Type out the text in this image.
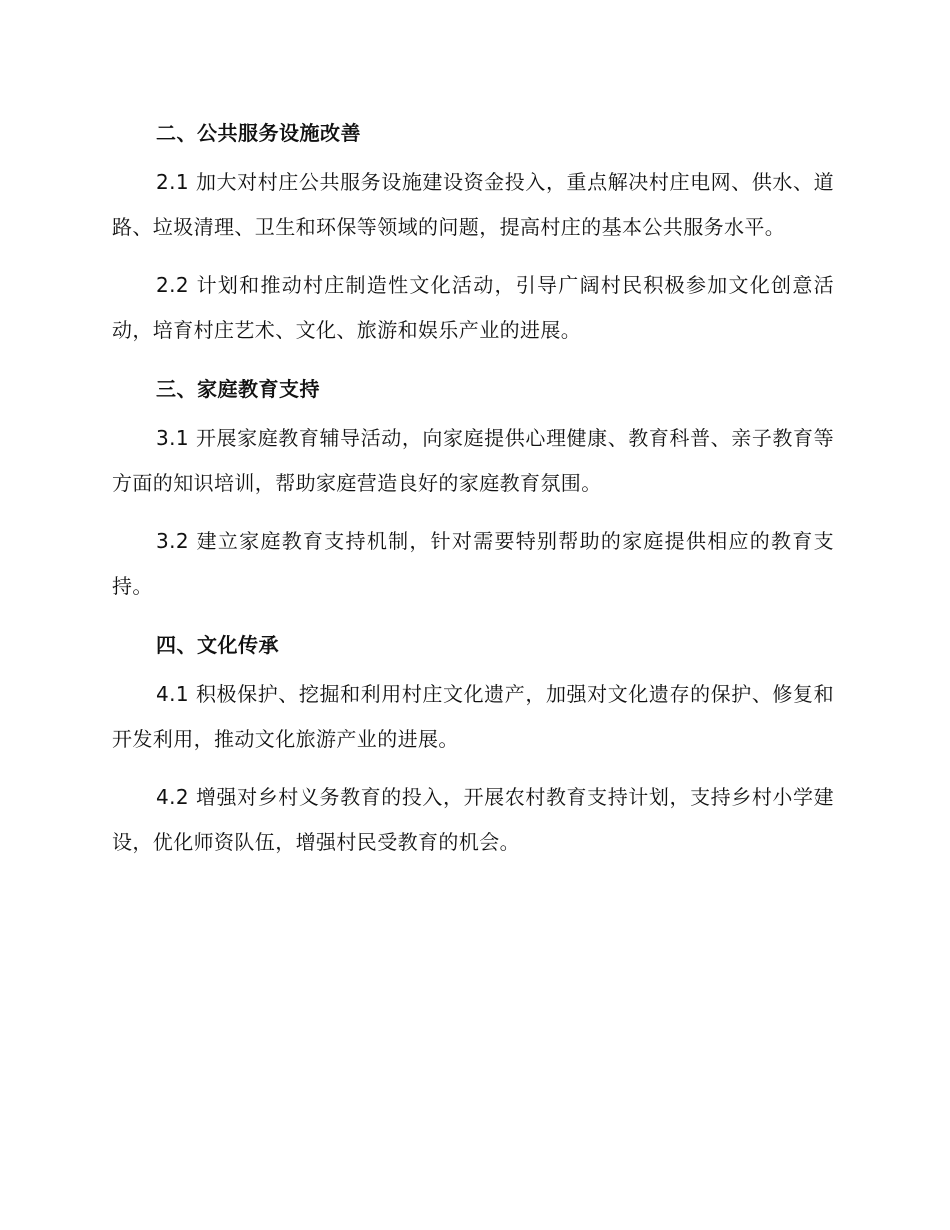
二、公共服务设施改善

2.1 加大对村庄公共服务设施建设资金投入，重点解决村庄电网、供水、道路、垃圾清理、卫生和环保等领域的问题，提高村庄的基本公共服务水平。

2.2 计划和推动村庄制造性文化活动，引导广阔村民积极参加文化创意活动，培育村庄艺术、文化、旅游和娱乐产业的进展。

三、家庭教育支持

3.1 开展家庭教育辅导活动，向家庭提供心理健康、教育科普、亲子教育等方面的知识培训，帮助家庭营造良好的家庭教育氛围。

3.2 建立家庭教育支持机制，针对需要特别帮助的家庭提供相应的教育支持。

四、文化传承

4.1 积极保护、挖掘和利用村庄文化遗产，加强对文化遗存的保护、修复和开发利用，推动文化旅游产业的进展。

4.2 增强对乡村义务教育的投入，开展农村教育支持计划，支持乡村小学建设，优化师资队伍，增强村民受教育的机会。
